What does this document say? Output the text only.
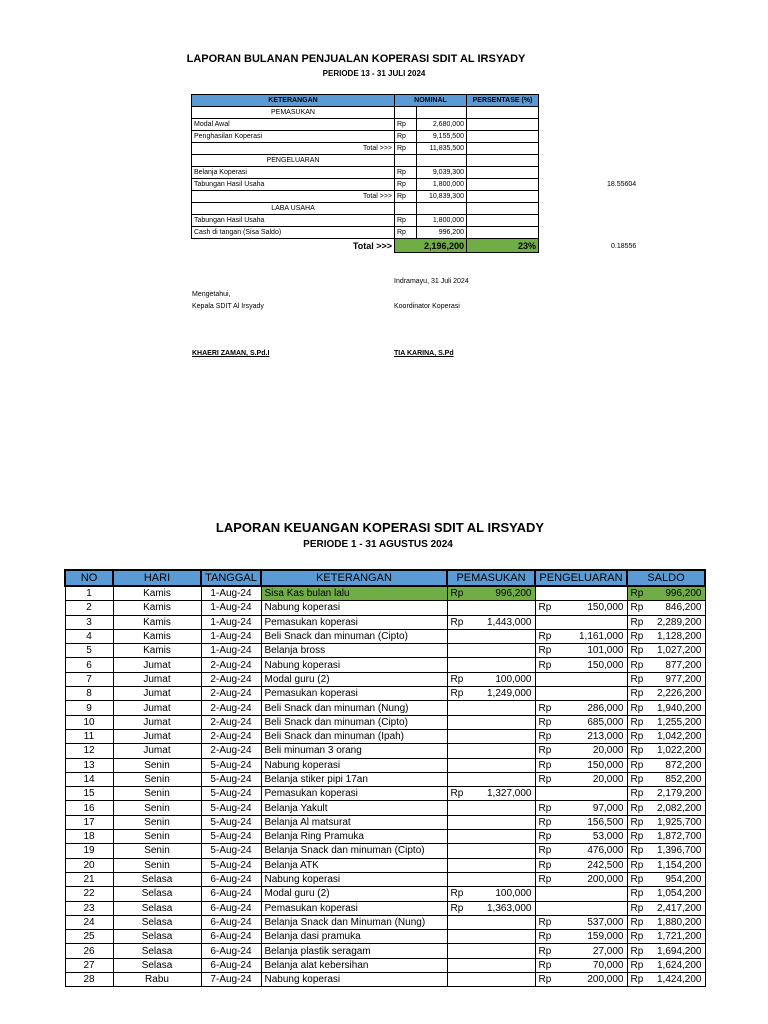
LAPORAN BULANAN PENJUALAN KOPERASI SDIT AL IRSYADY
PERIODE 13 - 31 JULI 2024
KETERANGAN	NOMINAL		PERSENTASE (%)
PEMASUKAN			
Modal Awal	Rp	2,680,000	
Penghasilan Koperasi	Rp	9,155,500	
Total >>>	Rp	11,835,500	
PENGELUARAN			
Belanja Koperasi	Rp	9,039,300	
Tabungan Hasil Usaha	Rp	1,800,000	
Total >>>	Rp	10,839,300	
LABA USAHA			
Tabungan Hasil Usaha	Rp	1,800,000	
Cash di tangan (Sisa Saldo)	Rp	996,200	
Total >>>	2,196,200		23%
18.55604
0.18556
Indramayu, 31 Juli 2024
Mengetahui,
Kepala SDIT Al Irsyady	Koordinator Koperasi
KHAERI ZAMAN, S.Pd.I	TIA KARINA, S.Pd
LAPORAN KEUANGAN KOPERASI SDIT AL IRSYADY
PERIODE 1 - 31 AGUSTUS 2024
NO	HARI	TANGGAL	KETERANGAN	PEMASUKAN	PENGELUARAN	SALDO
1	Kamis	1-Aug-24	Sisa Kas bulan lalu	Rp 996,200		Rp 996,200

2	Kamis	1-Aug-24	Nabung koperasi		Rp 150,000	Rp 846,200

3	Kamis	1-Aug-24	Pemasukan koperasi	Rp 1,443,000		Rp 2,289,200

4	Kamis	1-Aug-24	Beli Snack dan minuman (Cipto)		Rp 1,161,000	Rp 1,128,200

5	Kamis	1-Aug-24	Belanja bross		Rp 101,000	Rp 1,027,200

6	Jumat	2-Aug-24	Nabung koperasi		Rp 150,000	Rp 877,200

7	Jumat	2-Aug-24	Modal guru (2)	Rp 100,000		Rp 977,200

8	Jumat	2-Aug-24	Pemasukan koperasi	Rp 1,249,000		Rp 2,226,200

9	Jumat	2-Aug-24	Beli Snack dan minuman (Nung)		Rp 286,000	Rp 1,940,200

10	Jumat	2-Aug-24	Beli Snack dan minuman (Cipto)		Rp 685,000	Rp 1,255,200

11	Jumat	2-Aug-24	Beli Snack dan minuman (Ipah)		Rp 213,000	Rp 1,042,200

12	Jumat	2-Aug-24	Beli minuman 3 orang		Rp 20,000	Rp 1,022,200

13	Senin	5-Aug-24	Nabung koperasi		Rp 150,000	Rp 872,200

14	Senin	5-Aug-24	Belanja stiker pipi 17an		Rp 20,000	Rp 852,200

15	Senin	5-Aug-24	Pemasukan koperasi	Rp 1,327,000		Rp 2,179,200

16	Senin	5-Aug-24	Belanja Yakult		Rp 97,000	Rp 2,082,200

17	Senin	5-Aug-24	Belanja Al matsurat		Rp 156,500	Rp 1,925,700

18	Senin	5-Aug-24	Belanja Ring Pramuka		Rp 53,000	Rp 1,872,700

19	Senin	5-Aug-24	Belanja Snack dan minuman (Cipto)		Rp 476,000	Rp 1,396,700

20	Senin	5-Aug-24	Belanja ATK		Rp 242,500	Rp 1,154,200

21	Selasa	6-Aug-24	Nabung koperasi		Rp 200,000	Rp 954,200

22	Selasa	6-Aug-24	Modal guru (2)	Rp 100,000		Rp 1,054,200

23	Selasa	6-Aug-24	Pemasukan koperasi	Rp 1,363,000		Rp 2,417,200

24	Selasa	6-Aug-24	Belanja Snack dan Minuman (Nung)		Rp 537,000	Rp 1,880,200

25	Selasa	6-Aug-24	Belanja dasi pramuka		Rp 159,000	Rp 1,721,200

26	Selasa	6-Aug-24	Belanja plastik seragam		Rp 27,000	Rp 1,694,200

27	Selasa	6-Aug-24	Belanja alat kebersihan		Rp 70,000	Rp 1,624,200

28	Rabu	7-Aug-24	Nabung koperasi		Rp 200,000	Rp 1,424,200
